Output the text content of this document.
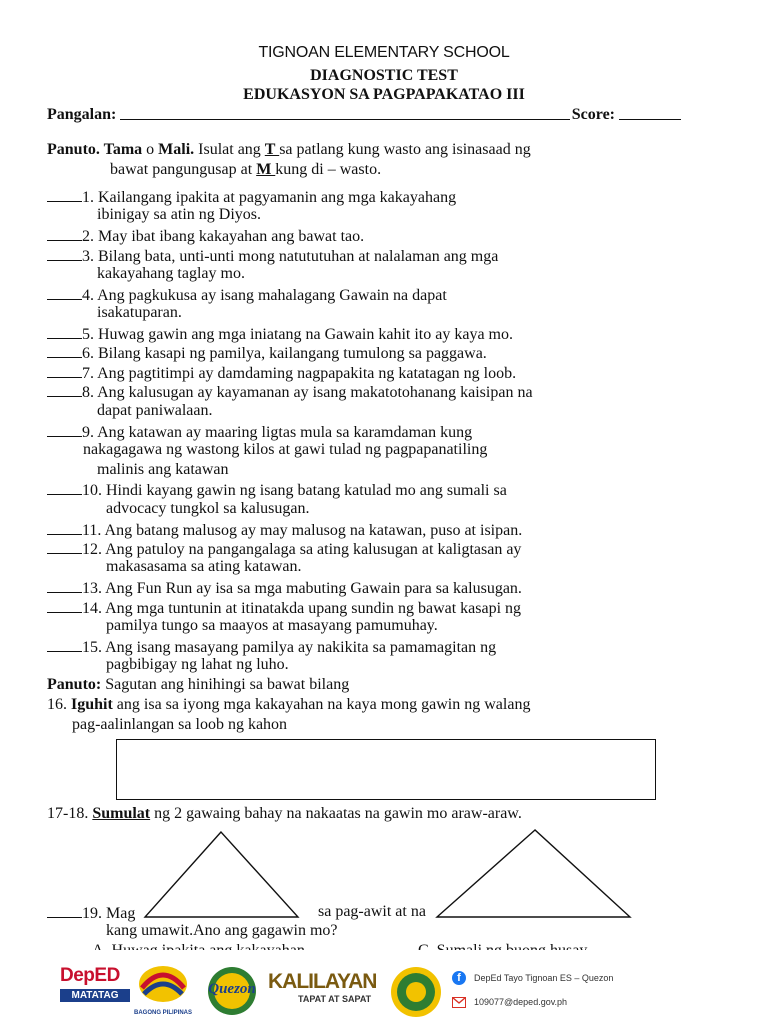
TIGNOAN ELEMENTARY SCHOOL
DIAGNOSTIC TEST
EDUKASYON SA PAGPAPAKATAO III
Pangalan:	Score:
Panuto. Tama o Mali. Isulat ang T sa patlang kung wasto ang isinasaad ng
bawat pangungusap at M kung di – wasto.
1. Kailangang ipakita at pagyamanin ang mga kakayahang
ibinigay sa atin ng Diyos.
2. May ibat ibang kakayahan ang bawat tao.
3. Bilang bata, unti-unti mong natututuhan at nalalaman ang mga
kakayahang taglay mo.
4. Ang pagkukusa ay isang mahalagang Gawain na dapat
isakatuparan.
5. Huwag gawin ang mga iniatang na Gawain kahit ito ay kaya mo.
6. Bilang kasapi ng pamilya, kailangang tumulong sa paggawa.
7. Ang pagtitimpi ay damdaming nagpapakita ng katatagan ng loob.
8. Ang kalusugan ay kayamanan ay isang makatotohanang kaisipan na
dapat paniwalaan.
9. Ang katawan ay maaring ligtas mula sa karamdaman kung
nakagagawa ng wastong kilos at gawi tulad ng pagpapanatiling
malinis ang katawan
10. Hindi kayang gawin ng isang batang katulad mo ang sumali sa
advocacy tungkol sa kalusugan.
11. Ang batang malusog ay may malusog na katawan, puso at isipan.
12. Ang patuloy na pangangalaga sa ating kalusugan at kaligtasan ay
makasasama sa ating katawan.
13. Ang Fun Run ay isa sa mga mabuting Gawain para sa kalusugan.
14. Ang mga tuntunin at itinatakda upang sundin ng bawat kasapi ng
pamilya tungo sa maayos at masayang pamumuhay.
15. Ang isang masayang pamilya ay nakikita sa pamamagitan ng
pagbibigay ng lahat ng luho.
Panuto: Sagutan ang hinihingi sa bawat bilang
16. Iguhit ang isa sa iyong mga kakayahan na kaya mong gawin ng walang
pag-aalinlangan sa loob ng kahon
17-18. Sumulat ng 2 gawaing bahay na nakaatas na gawin mo araw-araw.
19. Mag	sa pag-awit at na
kang umawit.Ano ang gagawin mo?
DepED
MATATAG
BAGONG PILIPINAS
Quezon KALILAYAN
TAPAT AT SAPAT
f	DepEd Tayo Tignoan ES – Quezon
109077@deped.gov.ph
